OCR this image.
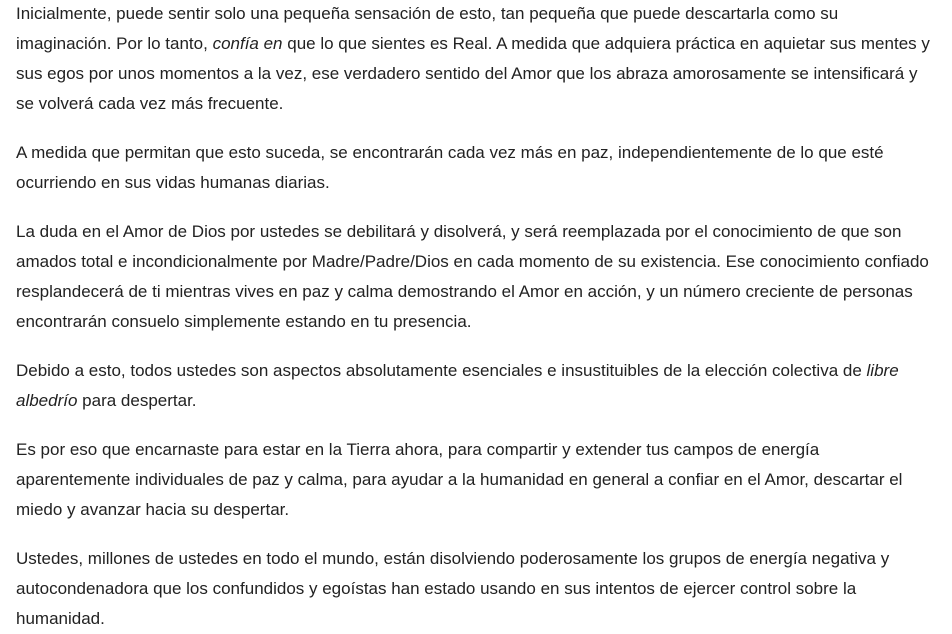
Inicialmente, puede sentir solo una pequeña sensación de esto, tan pequeña que puede descartarla como su imaginación. Por lo tanto, confía en que lo que sientes es Real. A medida que adquiera práctica en aquietar sus mentes y sus egos por unos momentos a la vez, ese verdadero sentido del Amor que los abraza amorosamente se intensificará y se volverá cada vez más frecuente.

A medida que permitan que esto suceda, se encontrarán cada vez más en paz, independientemente de lo que esté ocurriendo en sus vidas humanas diarias.

La duda en el Amor de Dios por ustedes se debilitará y disolverá, y será reemplazada por el conocimiento de que son amados total e incondicionalmente por Madre/Padre/Dios en cada momento de su existencia. Ese conocimiento confiado resplandecerá de ti mientras vives en paz y calma demostrando el Amor en acción, y un número creciente de personas encontrarán consuelo simplemente estando en tu presencia.

Debido a esto, todos ustedes son aspectos absolutamente esenciales e insustituibles de la elección colectiva de libre albedrío para despertar.

Es por eso que encarnaste para estar en la Tierra ahora, para compartir y extender tus campos de energía aparentemente individuales de paz y calma, para ayudar a la humanidad en general a confiar en el Amor, descartar el miedo y avanzar hacia su despertar.

Ustedes, millones de ustedes en todo el mundo, están disolviendo poderosamente los grupos de energía negativa y autocondenadora que los confundidos y egoístas han estado usando en sus intentos de ejercer control sobre la humanidad.
